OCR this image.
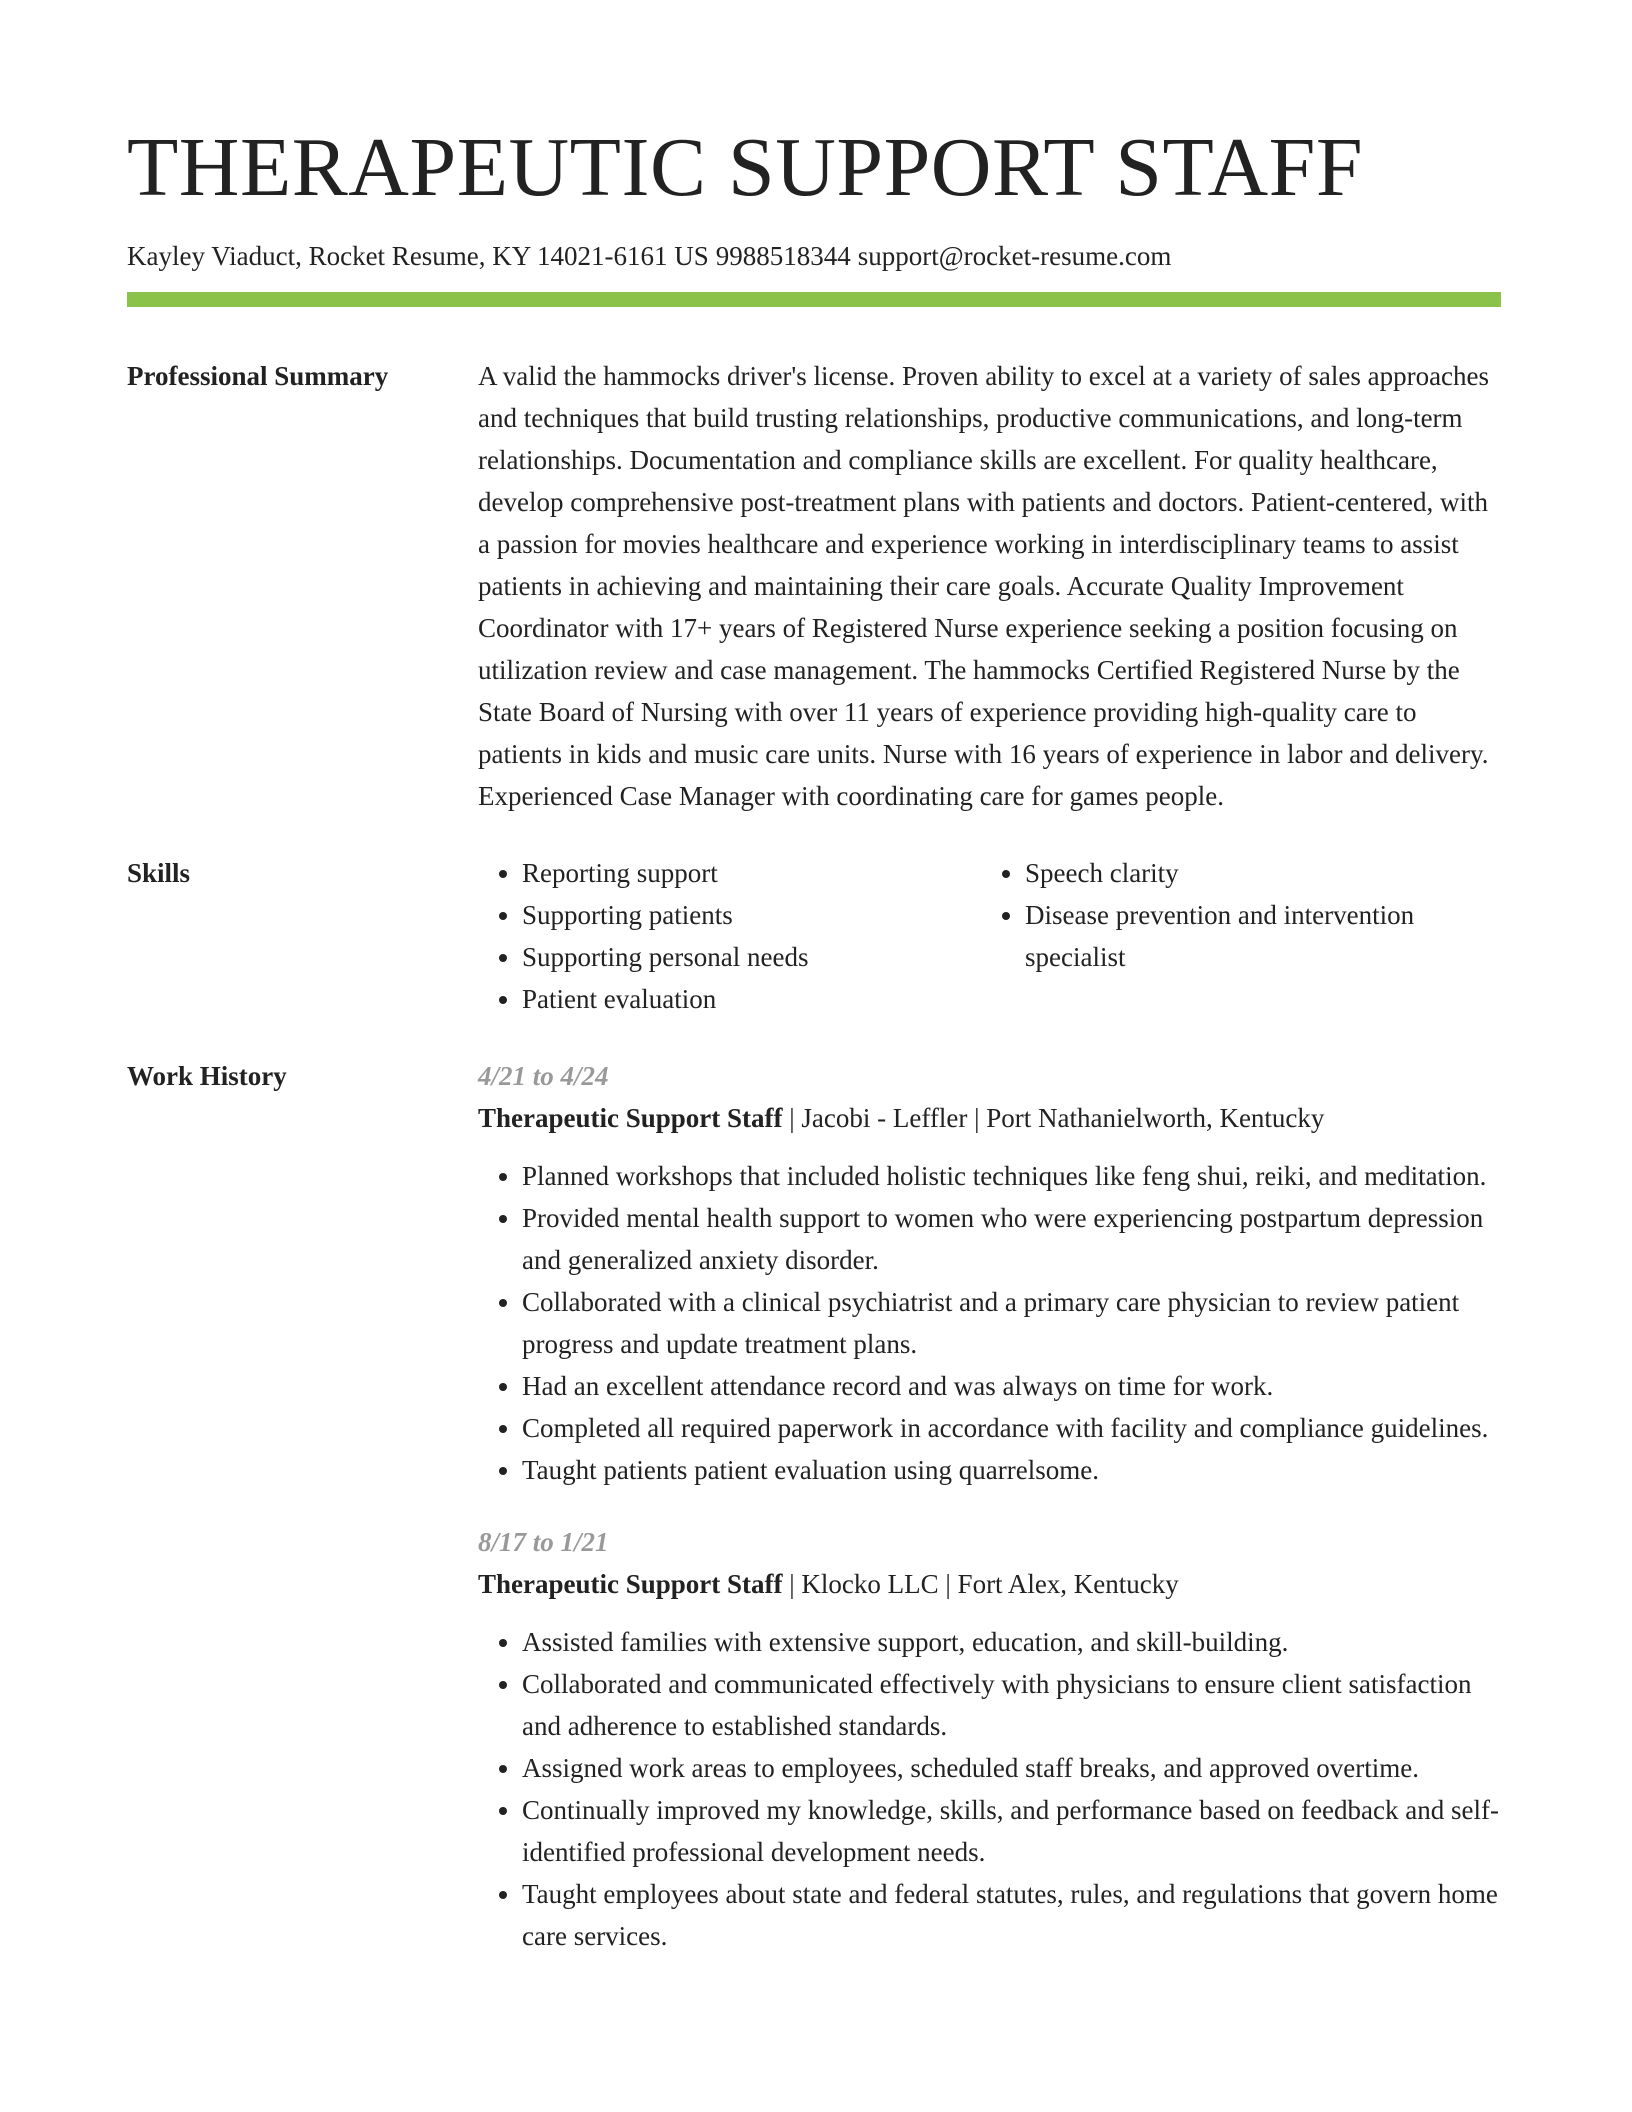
THERAPEUTIC SUPPORT STAFF
Kayley Viaduct, Rocket Resume, KY 14021-6161 US 9988518344 support@rocket-resume.com
Professional Summary	A valid the hammocks driver's license. Proven ability to excel at a variety of sales approaches and techniques that build trusting relationships, productive communications, and long-term relationships. Documentation and compliance skills are excellent. For quality healthcare, develop comprehensive post-treatment plans with patients and doctors. Patient-centered, with a passion for movies healthcare and experience working in interdisciplinary teams to assist patients in achieving and maintaining their care goals. Accurate Quality Improvement Coordinator with 17+ years of Registered Nurse experience seeking a position focusing on utilization review and case management. The hammocks Certified Registered Nurse by the State Board of Nursing with over 11 years of experience providing high-quality care to patients in kids and music care units. Nurse with 16 years of experience in labor and delivery. Experienced Case Manager with coordinating care for games people.

Skills
•	Reporting support
• Supporting patients
• Supporting personal needs
• Patient evaluation
• Speech clarity
• Disease prevention and intervention specialist
Work History	4/21 to 4/24
Therapeutic Support Staff | Jacobi - Leffler | Port Nathanielworth, Kentucky
• Planned workshops that included holistic techniques like feng shui, reiki, and meditation.
• Provided mental health support to women who were experiencing postpartum depression and generalized anxiety disorder.
• Collaborated with a clinical psychiatrist and a primary care physician to review patient progress and update treatment plans.
• Had an excellent attendance record and was always on time for work.
• Completed all required paperwork in accordance with facility and compliance guidelines.
• Taught patients patient evaluation using quarrelsome.
8/17 to 1/21
Therapeutic Support Staff | Klocko LLC | Fort Alex, Kentucky
• Assisted families with extensive support, education, and skill-building.
• Collaborated and communicated effectively with physicians to ensure client satisfaction and adherence to established standards.
• Assigned work areas to employees, scheduled staff breaks, and approved overtime.
• Continually improved my knowledge, skills, and performance based on feedback and self-identified professional development needs.
• Taught employees about state and federal statutes, rules, and regulations that govern home care services.
